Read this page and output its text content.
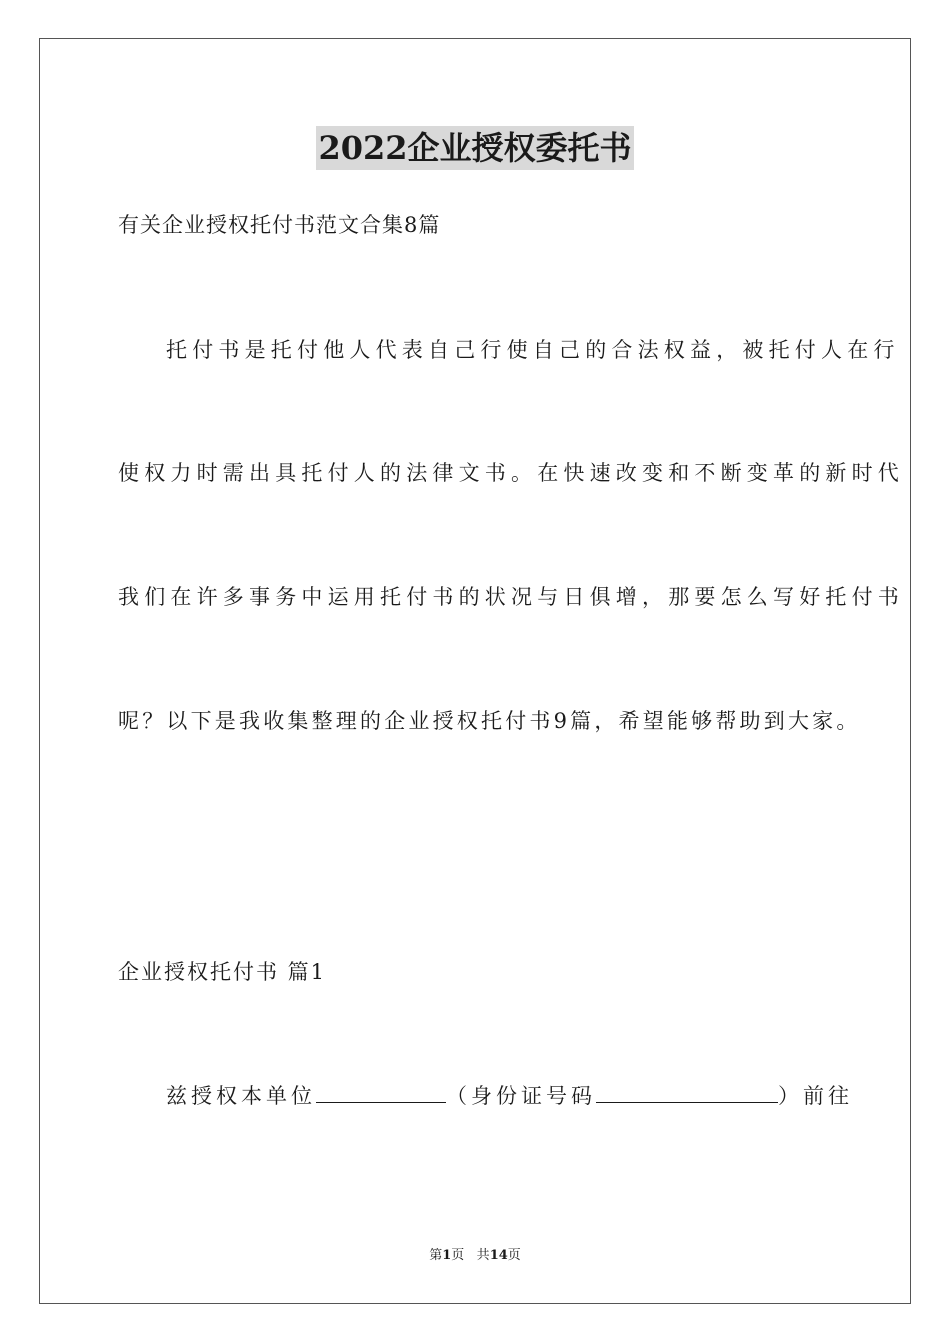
2022企业授权委托书
有关企业授权托付书范文合集8篇
托付书是托付他人代表自己行使自己的合法权益，被托付人在行
使权力时需出具托付人的法律文书。在快速改变和不断变革的新时代
我们在许多事务中运用托付书的状况与日俱增，那要怎么写好托付书
呢？以下是我收集整理的企业授权托付书9篇，希望能够帮助到大家。
企业授权托付书 篇1
兹授权本单位	（身份证号码	）前往
第1页 共14页
